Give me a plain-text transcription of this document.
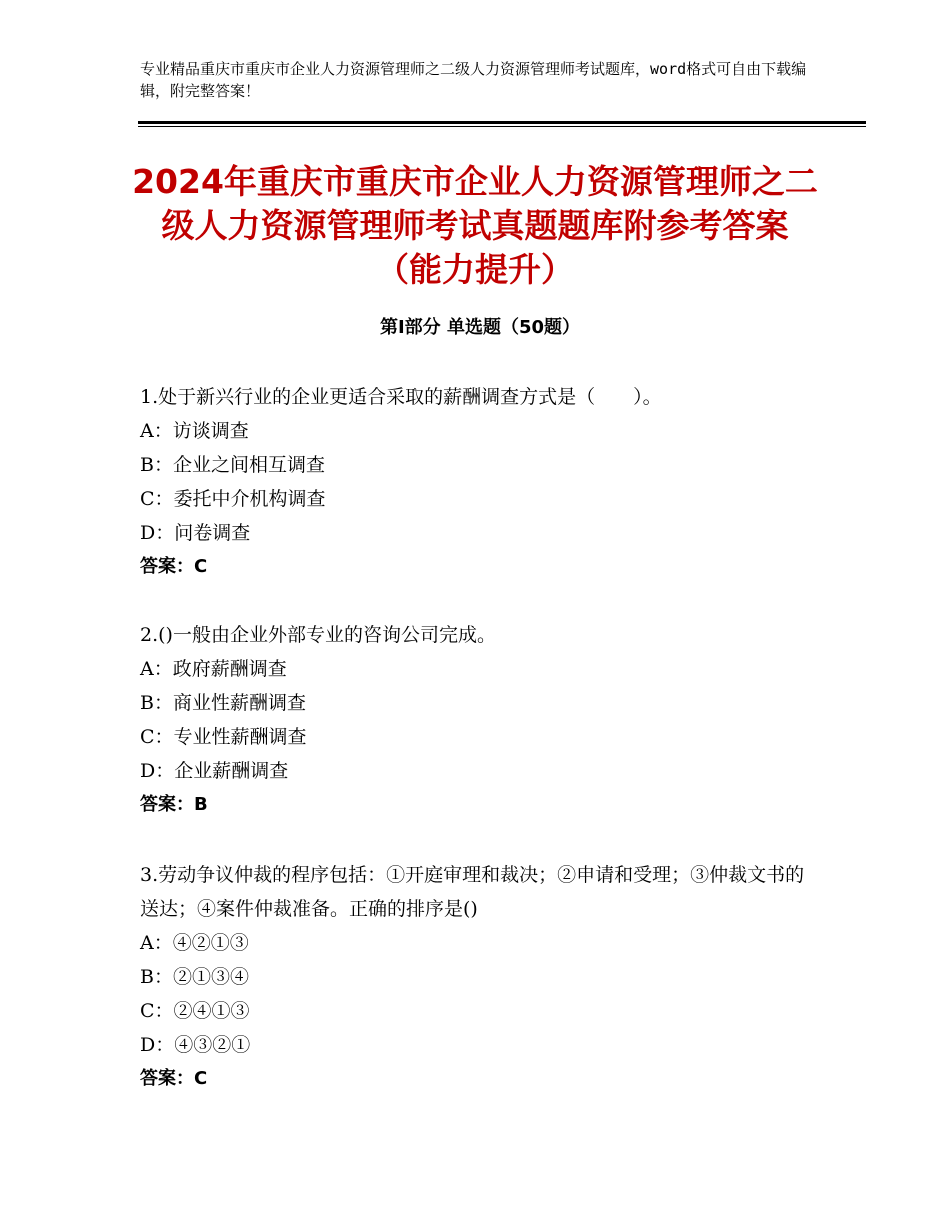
专业精品重庆市重庆市企业人力资源管理师之二级人力资源管理师考试题库，word格式可自由下载编辑，附完整答案！
2024年重庆市重庆市企业人力资源管理师之二级人力资源管理师考试真题题库附参考答案（能力提升）
第Ⅰ部分 单选题（50题）

1.处于新兴行业的企业更适合采取的薪酬调查方式是（　　）。

A：访谈调查

B：企业之间相互调查

C：委托中介机构调查

D：问卷调查

答案：C

2.()一般由企业外部专业的咨询公司完成。

A：政府薪酬调查

B：商业性薪酬调查

C：专业性薪酬调查

D：企业薪酬调查

答案：B

3.劳动争议仲裁的程序包括：①开庭审理和裁决；②申请和受理；③仲裁文书的送达；④案件仲裁准备。正确的排序是()

A：④②①③

B：②①③④

C：②④①③

D：④③②①

答案：C
